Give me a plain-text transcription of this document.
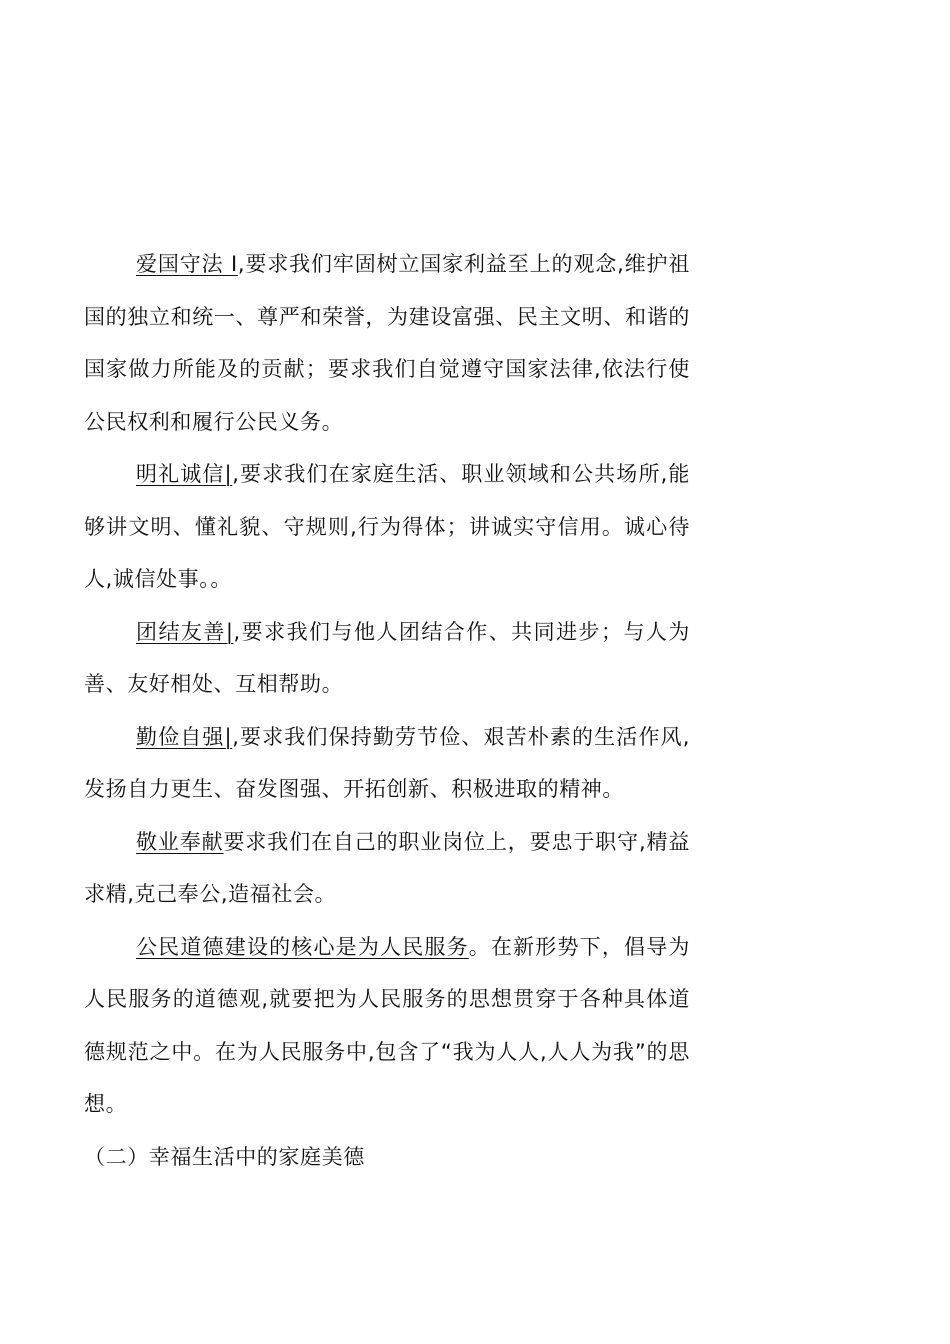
爱国守法 I,要求我们牢固树立国家利益至上的观念,维护祖国的独立和统一、尊严和荣誉，为建设富强、民主文明、和谐的国家做力所能及的贡献；要求我们自觉遵守国家法律,依法行使公民权利和履行公民义务。

明礼诚信|,要求我们在家庭生活、职业领域和公共场所,能够讲文明、懂礼貌、守规则,行为得体；讲诚实守信用。诚心待人,诚信处事。。

团结友善|,要求我们与他人团结合作、共同进步；与人为善、友好相处、互相帮助。

勤俭自强|,要求我们保持勤劳节俭、艰苦朴素的生活作风,发扬自力更生、奋发图强、开拓创新、积极进取的精神。

敬业奉献要求我们在自己的职业岗位上，要忠于职守,精益求精,克己奉公,造福社会。

公民道德建设的核心是为人民服务。在新形势下，倡导为人民服务的道德观,就要把为人民服务的思想贯穿于各种具体道德规范之中。在为人民服务中,包含了“我为人人,人人为我”的思想。

（二）幸福生活中的家庭美德
